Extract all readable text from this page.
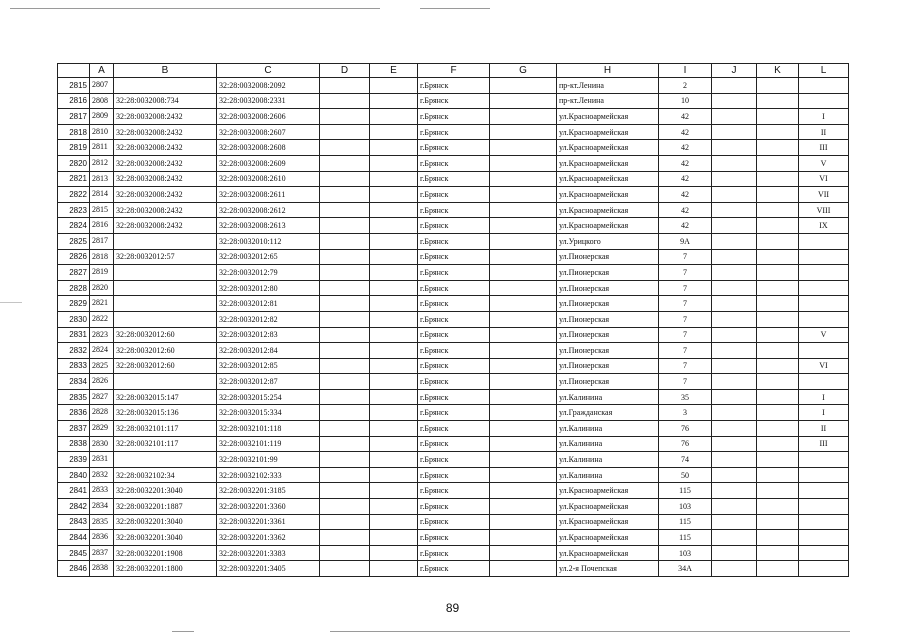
	A	B	C	D	E	F	G	H	I	J	K	L
2815	2807		32:28:0032008:2092			г.Брянск		пр-кт.Ленина	2			
2816	2808	32:28:0032008:734	32:28:0032008:2331			г.Брянск		пр-кт.Ленина	10			
2817	2809	32:28:0032008:2432	32:28:0032008:2606			г.Брянск		ул.Красноармейская	42			I
2818	2810	32:28:0032008:2432	32:28:0032008:2607			г.Брянск		ул.Красноармейская	42			II
2819	2811	32:28:0032008:2432	32:28:0032008:2608			г.Брянск		ул.Красноармейская	42			III
2820	2812	32:28:0032008:2432	32:28:0032008:2609			г.Брянск		ул.Красноармейская	42			V
2821	2813	32:28:0032008:2432	32:28:0032008:2610			г.Брянск		ул.Красноармейская	42			VI
2822	2814	32:28:0032008:2432	32:28:0032008:2611			г.Брянск		ул.Красноармейская	42			VII
2823	2815	32:28:0032008:2432	32:28:0032008:2612			г.Брянск		ул.Красноармейская	42			VIII
2824	2816	32:28:0032008:2432	32:28:0032008:2613			г.Брянск		ул.Красноармейская	42			IX
2825	2817		32:28:0032010:112			г.Брянск		ул.Урицкого	9А			
2826	2818	32:28:0032012:57	32:28:0032012:65			г.Брянск		ул.Пионерская	7			
2827	2819		32:28:0032012:79			г.Брянск		ул.Пионерская	7			
2828	2820		32:28:0032012:80			г.Брянск		ул.Пионерская	7			
2829	2821		32:28:0032012:81			г.Брянск		ул.Пионерская	7			
2830	2822		32:28:0032012:82			г.Брянск		ул.Пионерская	7			
2831	2823	32:28:0032012:60	32:28:0032012:83			г.Брянск		ул.Пионерская	7			V
2832	2824	32:28:0032012:60	32:28:0032012:84			г.Брянск		ул.Пионерская	7			
2833	2825	32:28:0032012:60	32:28:0032012:85			г.Брянск		ул.Пионерская	7			VI
2834	2826		32:28:0032012:87			г.Брянск		ул.Пионерская	7			
2835	2827	32:28:0032015:147	32:28:0032015:254			г.Брянск		ул.Калинина	35			I
2836	2828	32:28:0032015:136	32:28:0032015:334			г.Брянск		ул.Гражданская	3			I
2837	2829	32:28:0032101:117	32:28:0032101:118			г.Брянск		ул.Калинина	76			II
2838	2830	32:28:0032101:117	32:28:0032101:119			г.Брянск		ул.Калинина	76			III
2839	2831		32:28:0032101:99			г.Брянск		ул.Калинина	74			
2840	2832	32:28:0032102:34	32:28:0032102:333			г.Брянск		ул.Калинина	50			
2841	2833	32:28:0032201:3040	32:28:0032201:3185			г.Брянск		ул.Красноармейская	115			
2842	2834	32:28:0032201:1887	32:28:0032201:3360			г.Брянск		ул.Красноармейская	103			
2843	2835	32:28:0032201:3040	32:28:0032201:3361			г.Брянск		ул.Красноармейская	115			
2844	2836	32:28:0032201:3040	32:28:0032201:3362			г.Брянск		ул.Красноармейская	115			
2845	2837	32:28:0032201:1908	32:28:0032201:3383			г.Брянск		ул.Красноармейская	103			
2846	2838	32:28:0032201:1800	32:28:0032201:3405			г.Брянск		ул.2-я Почепская	34А			
89
